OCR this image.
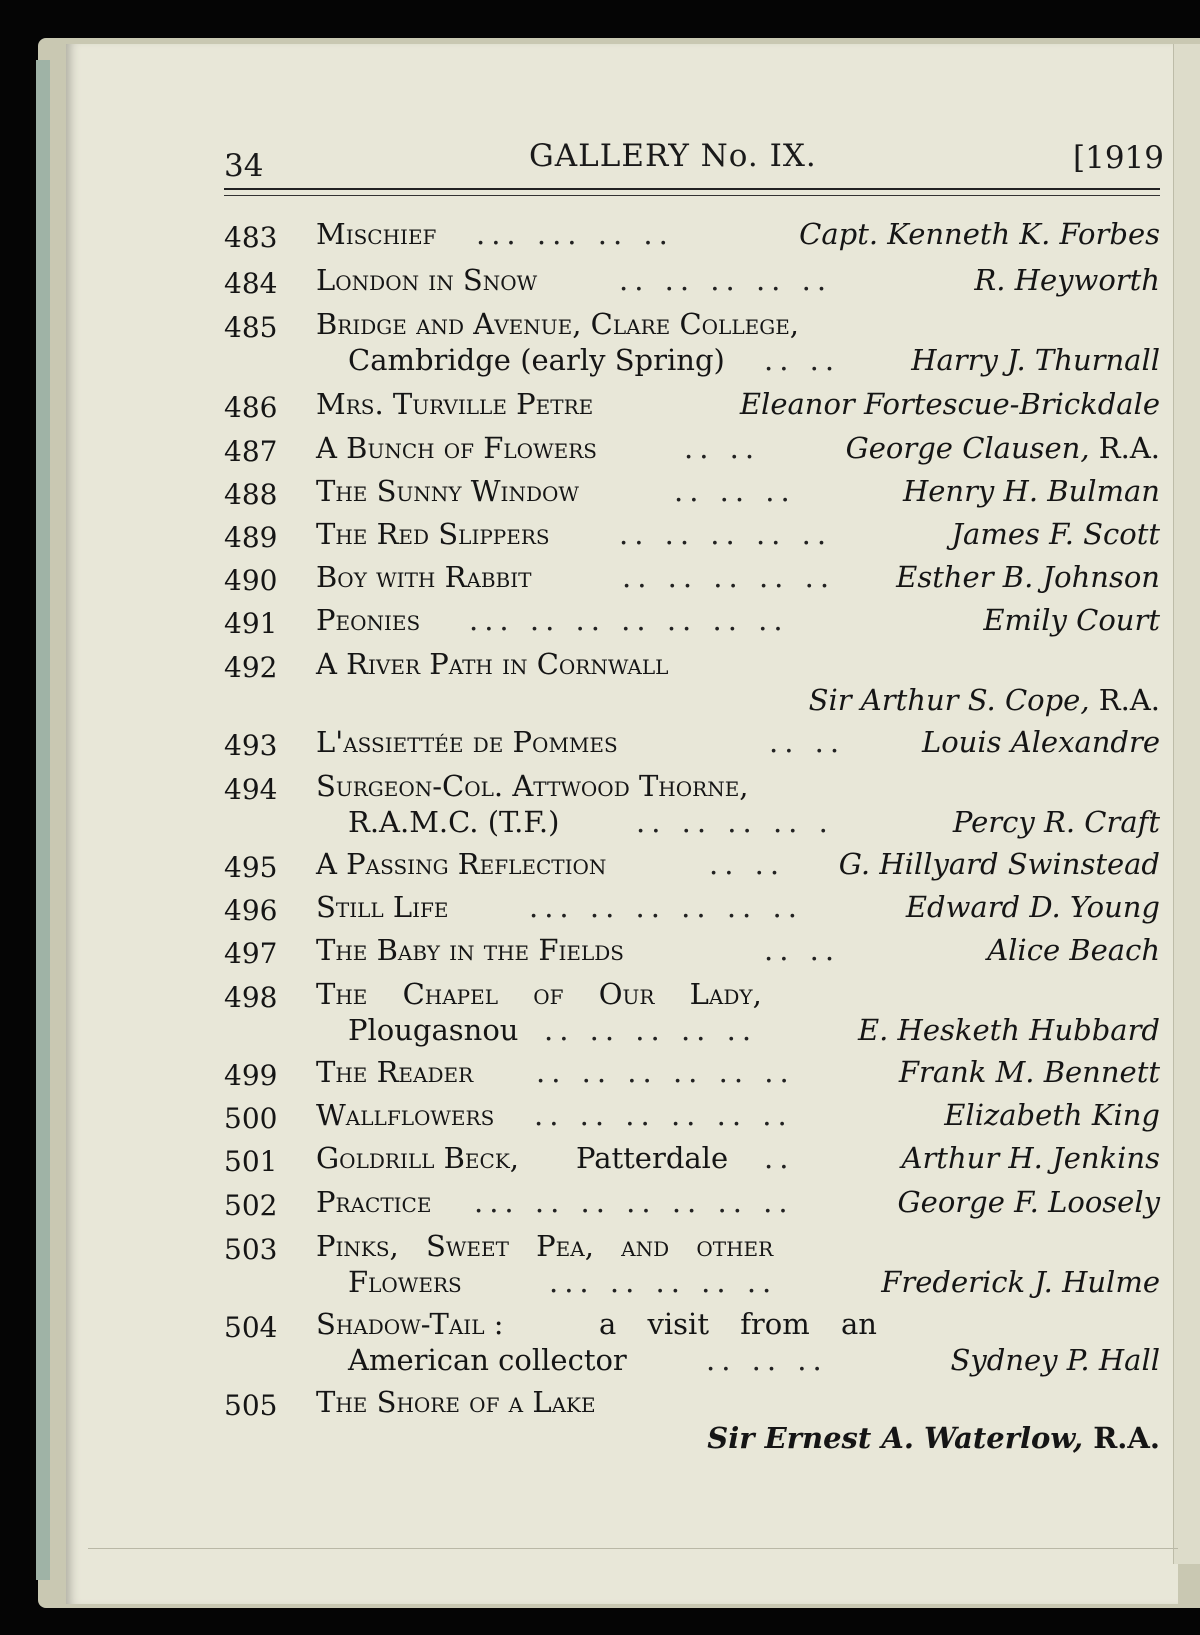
34	GALLERY No. IX.	[1919
483 Mischief ... ... .. ..	Capt. Kenneth K. Forbes
484 London in Snow	.. .. .. .. ..	R. Heyworth
485 Bridge and Avenue, Clare College,
Cambridge (early Spring) .. .. Harry J. Thurnall
486 Mrs. Turville Petre	Eleanor Fortescue-Brickdale
487 A Bunch of Flowers	.. ..	George Clausen, R.A.
488 The Sunny Window	.. .. ..	Henry H. Bulman
489 The Red Slippers .. .. .. .. ..	James F. Scott
490 Boy with Rabbit	.. .. .. .. .. Esther B. Johnson
491 Peonies ... .. .. .. .. .. ..	Emily Court
492 A River Path in Cornwall
Sir Arthur S. Cope, R.A.
493 L'assiettée de Pommes	.. ..	Louis Alexandre
494 Surgeon-Col. Attwood Thorne,
R.A.M.C. (T.F.)	.. .. .. .. .	Percy R. Craft
495 A Passing Reflection	.. .. G. Hillyard Swinstead
496 Still Life	... .. .. .. .. ..	Edward D. Young
497 The Baby in the Fields	.. ..	Alice Beach
498 The Chapel of Our Lady,
Plougasnou .. .. .. .. ..	E. Hesketh Hubbard
499 The Reader .. .. .. .. .. ..	Frank M. Bennett
500 Wallflowers .. .. .. .. .. ..	Elizabeth King
501 Goldrill Beck, Patterdale ..	Arthur H. Jenkins
502 Practice ... .. .. .. .. .. ..	George F. Loosely
503 Pinks, Sweet Pea, and other
Flowers	... .. .. .. ..	Frederick J. Hulme
504 Shadow-Tail :	a visit from an
American collector	.. .. ..	Sydney P. Hall
505 The Shore of a Lake
Sir Ernest A. Waterlow, R.A.
